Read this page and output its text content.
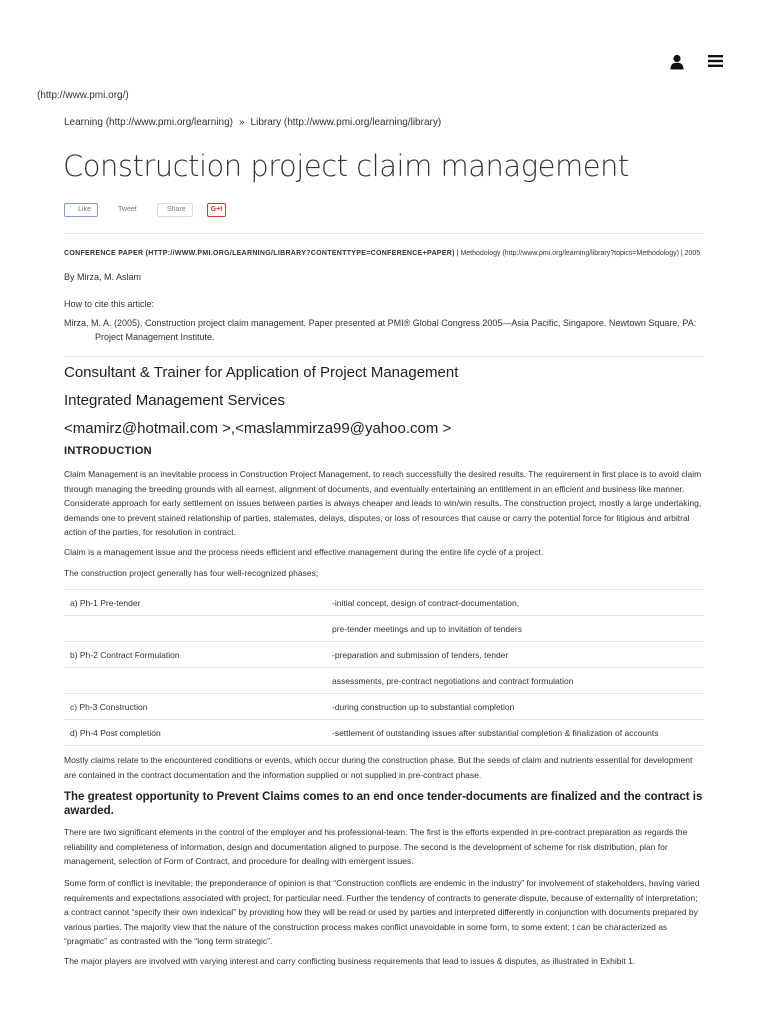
(http://www.pmi.org/)
Learning (http://www.pmi.org/learning) » Library (http://www.pmi.org/learning/library)
Construction project claim management
Like	Tweet	Share	G+I
CONFERENCE PAPER (HTTP://WWW.PMI.ORG/LEARNING/LIBRARY?CONTENTTYPE=CONFERENCE+PAPER) | Methodology (http://www.pmi.org/learning/library?topics=Methodology) | 2005
By Mirza, M. Aslam
How to cite this article:
Mirza, M. A. (2005). Construction project claim management. Paper presented at PMI® Global Congress 2005—Asia Pacific, Singapore. Newtown Square, PA:
Project Management Institute.
Consultant & Trainer for Application of Project Management
Integrated Management Services
<mamirz@hotmail.com >,<maslammirza99@yahoo.com >
INTRODUCTION

Claim Management is an inevitable process in Construction Project Management, to reach successfully the desired results. The requirement in first place is to avoid claim through managing the breeding grounds with all earnest, alignment of documents, and eventually entertaining an entitlement in an efficient and business like manner. Considerate approach for early settlement on issues between parties is always cheaper and leads to win/win results. The construction project, mostly a large undertaking, demands one to prevent stained relationship of parties, stalemates, delays, disputes, or loss of resources that cause or carry the potential force for litigious and arbitral action of the parties, for resolution in contract.

Claim is a management issue and the process needs efficient and effective management during the entire life cycle of a project.

The construction project generally has four well-recognized phases;

a) Ph-1 Pre-tender	-initial concept, design of contract-documentation,
	pre-tender meetings and up to invitation of tenders
b) Ph-2 Contract Formulation	-preparation and submission of tenders, tender
	assessments, pre-contract negotiations and contract formulation
c) Ph-3 Construction	-during construction up to substantial completion
d) Ph-4 Post completion	-settlement of outstanding issues after substantial completion & finalization of accounts

Mostly claims relate to the encountered conditions or events, which occur during the construction phase. But the seeds of claim and nutrients essential for development are contained in the contract documentation and the information supplied or not supplied in pre-contract phase.

The greatest opportunity to Prevent Claims comes to an end once tender-documents are finalized and the contract is awarded.

There are two significant elements in the control of the employer and his professional-team. The first is the efforts expended in pre-contract preparation as regards the reliability and completeness of information, design and documentation aligned to purpose. The second is the development of scheme for risk distribution, plan for management, selection of Form of Contract, and procedure for dealing with emergent issues.

Some form of conflict is inevitable; the preponderance of opinion is that “Construction conflicts are endemic in the industry” for involvement of stakeholders, having varied requirements and expectations associated with project, for particular need. Further the tendency of contracts to generate dispute, because of externality of interpretation; a contract cannot “specify their own indexical” by providing how they will be read or used by parties and interpreted differently in conjunction with documents prepared by various parties. The majority view that the nature of the construction process makes conflict unavoidable in some form, to some extent; t can be characterized as “pragmatic” as contrasted with the “long term strategic”.

The major players are involved with varying interest and carry conflicting business requirements that lead to issues & disputes, as illustrated in Exhibit 1.
